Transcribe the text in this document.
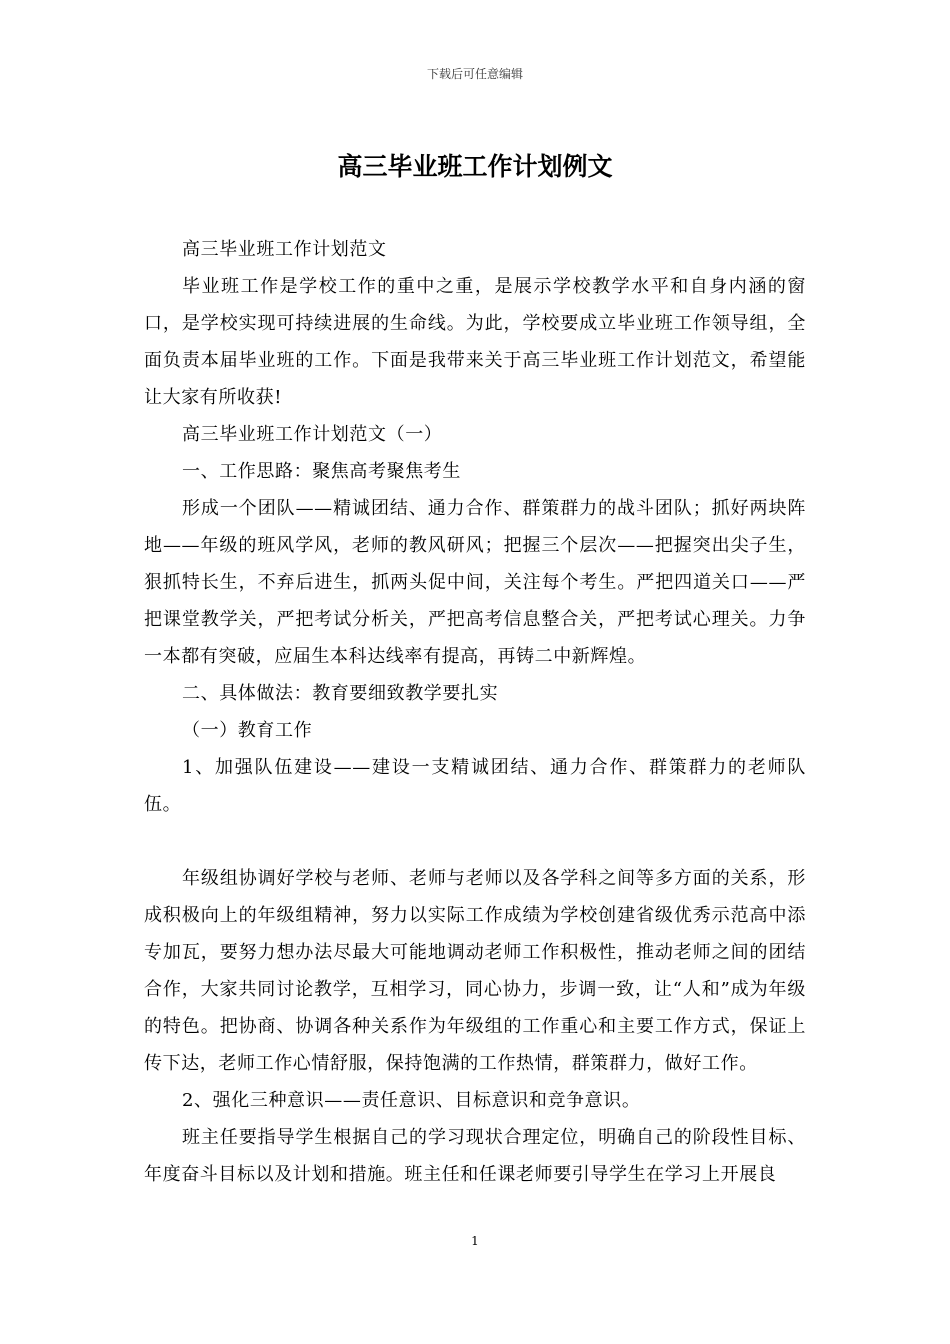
下载后可任意编辑
高三毕业班工作计划例文

高三毕业班工作计划范文

毕业班工作是学校工作的重中之重，是展示学校教学水平和自身内涵的窗口，是学校实现可持续进展的生命线。为此，学校要成立毕业班工作领导组，全面负责本届毕业班的工作。下面是我带来关于高三毕业班工作计划范文，希望能让大家有所收获!

高三毕业班工作计划范文（一）

一、工作思路：聚焦高考聚焦考生

形成一个团队——精诚团结、通力合作、群策群力的战斗团队；抓好两块阵地——年级的班风学风，老师的教风研风；把握三个层次——把握突出尖子生，狠抓特长生，不弃后进生，抓两头促中间，关注每个考生。严把四道关口——严把课堂教学关，严把考试分析关，严把高考信息整合关，严把考试心理关。力争一本都有突破，应届生本科达线率有提高，再铸二中新辉煌。

二、具体做法：教育要细致教学要扎实

（一）教育工作

1、加强队伍建设——建设一支精诚团结、通力合作、群策群力的老师队伍。

年级组协调好学校与老师、老师与老师以及各学科之间等多方面的关系，形成积极向上的年级组精神，努力以实际工作成绩为学校创建省级优秀示范高中添专加瓦，要努力想办法尽最大可能地调动老师工作积极性，推动老师之间的团结合作，大家共同讨论教学，互相学习，同心协力，步调一致，让“人和”成为年级的特色。把协商、协调各种关系作为年级组的工作重心和主要工作方式，保证上传下达，老师工作心情舒服，保持饱满的工作热情，群策群力，做好工作。

2、强化三种意识——责任意识、目标意识和竞争意识。

班主任要指导学生根据自己的学习现状合理定位，明确自己的阶段性目标、年度奋斗目标以及计划和措施。班主任和任课老师要引导学生在学习上开展良

1
